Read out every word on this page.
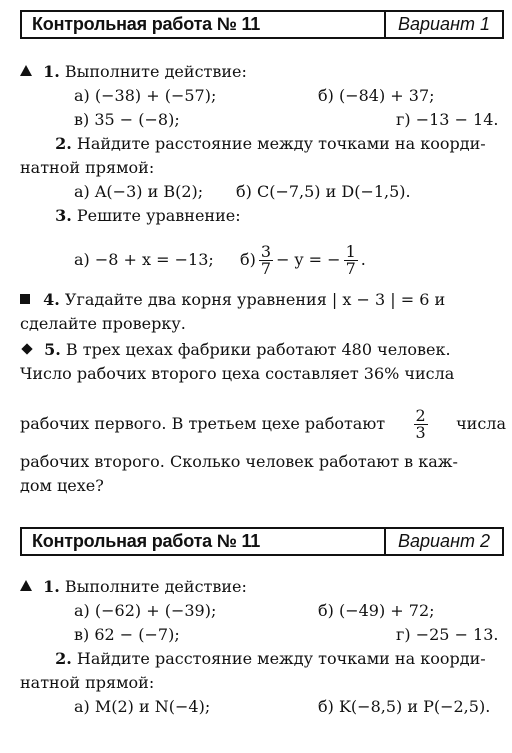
Контрольная работа № 11	Вариант 1
1. Выполните действие:
а) (−38) + (−57);	б) (−84) + 37;
в) 35 − (−8);	г) −13 − 14.
2. Найдите расстояние между точками на коорди-
натной прямой:
а) A(−3) и B(2); б) C(−7,5) и D(−1,5).
3. Решите уравнение:
а) −8 + x = −13; $б) \frac{3}{7} - y$ = − $\frac{1}{7}$ .
4. Угадайте два корня уравнения | x − 3 | = 6 и
сделайте проверку.
5. В трех цехах фабрики работают 480 человек.
Число рабочих второго цеха составляет 36% числа
рабочих первого. В третьем цехе работают $\frac{2}{3}$ числа
рабочих второго. Сколько человек работают в каж-
дом цехе?
Контрольная работа № 11	Вариант 2
1. Выполните действие:
а) (−62) + (−39);	б) (−49) + 72;
в) 62 − (−7);	г) −25 − 13.
2. Найдите расстояние между точками на коорди-
натной прямой:
а) M(2) и N(−4);	б) K(−8,5) и P(−2,5).
